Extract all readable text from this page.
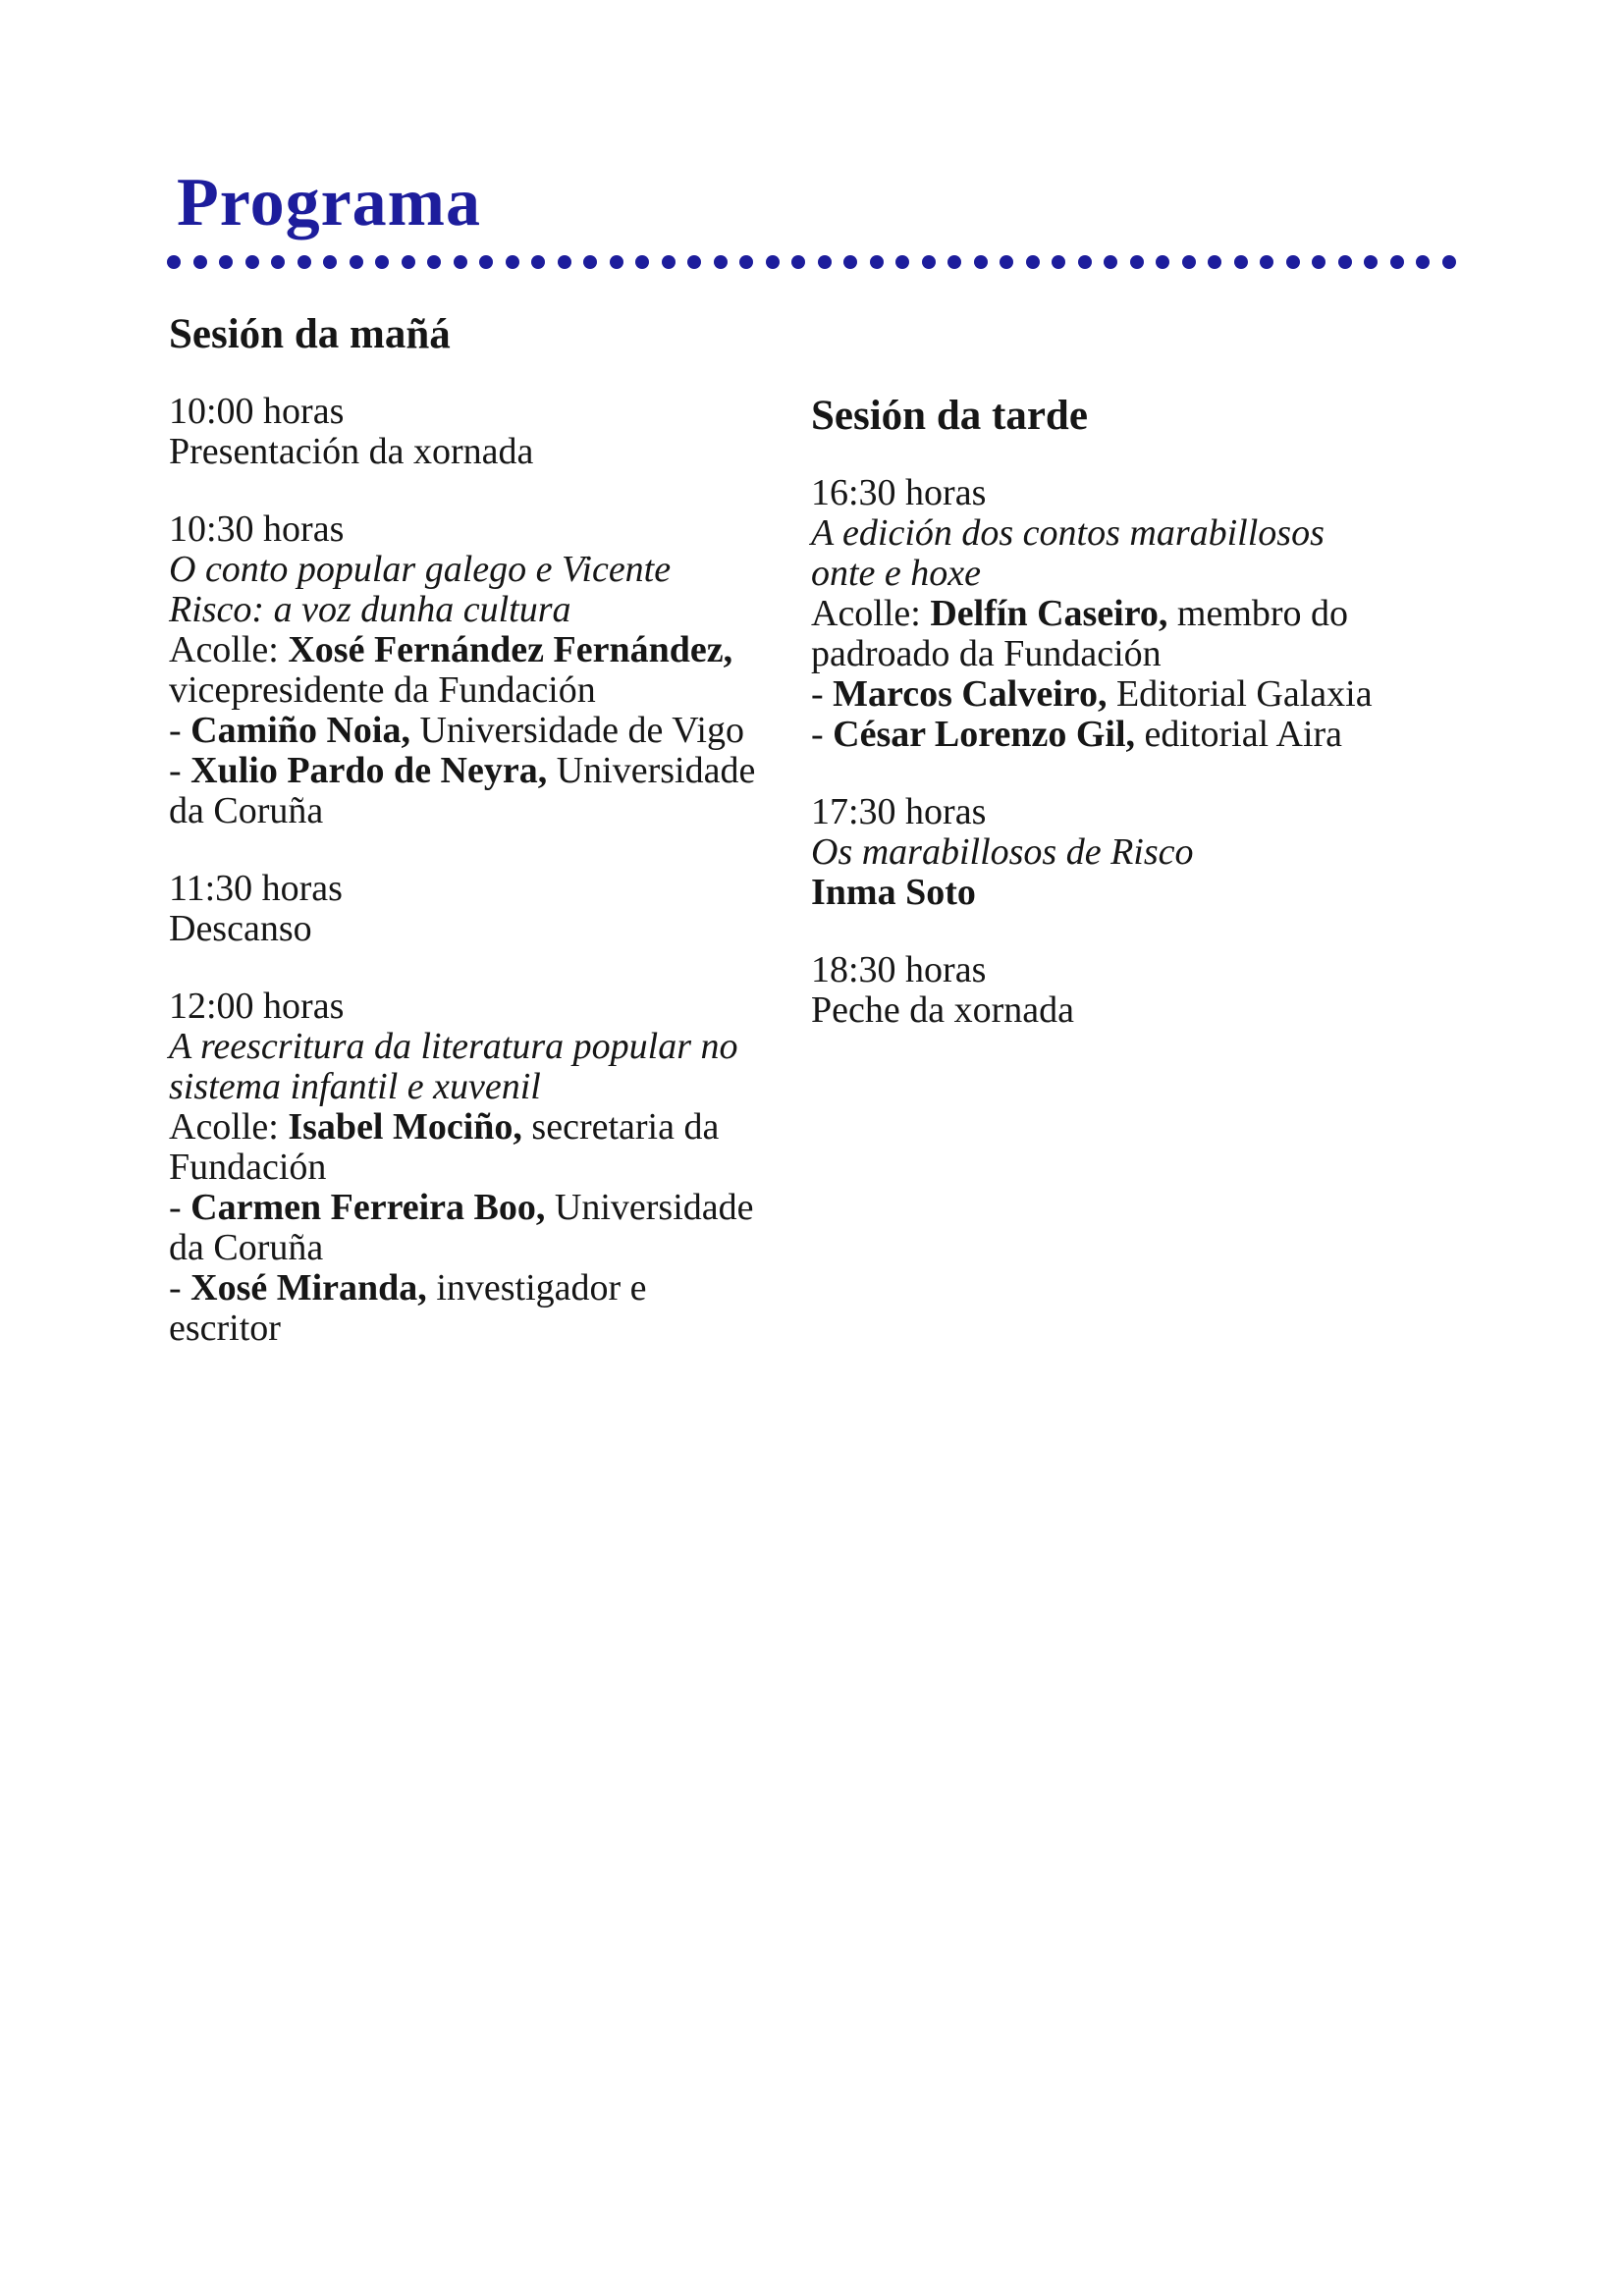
Programa
Sesión da mañá
10:00 horas
Presentación da xornada
10:30 horas
O conto popular galego e Vicente
Risco: a voz dunha cultura
Acolle: Xosé Fernández Fernández,
vicepresidente da Fundación
- Camiño Noia, Universidade de Vigo
- Xulio Pardo de Neyra, Universidade
da Coruña
11:30 horas
Descanso
12:00 horas
A reescritura da literatura popular no
sistema infantil e xuvenil
Acolle: Isabel Mociño, secretaria da
Fundación
- Carmen Ferreira Boo, Universidade
da Coruña
- Xosé Miranda, investigador e
escritor
Sesión da tarde
16:30 horas
A edición dos contos marabillosos
onte e hoxe
Acolle: Delfín Caseiro, membro do
padroado da Fundación
- Marcos Calveiro, Editorial Galaxia
- César Lorenzo Gil, editorial Aira
17:30 horas
Os marabillosos de Risco
Inma Soto
18:30 horas
Peche da xornada
